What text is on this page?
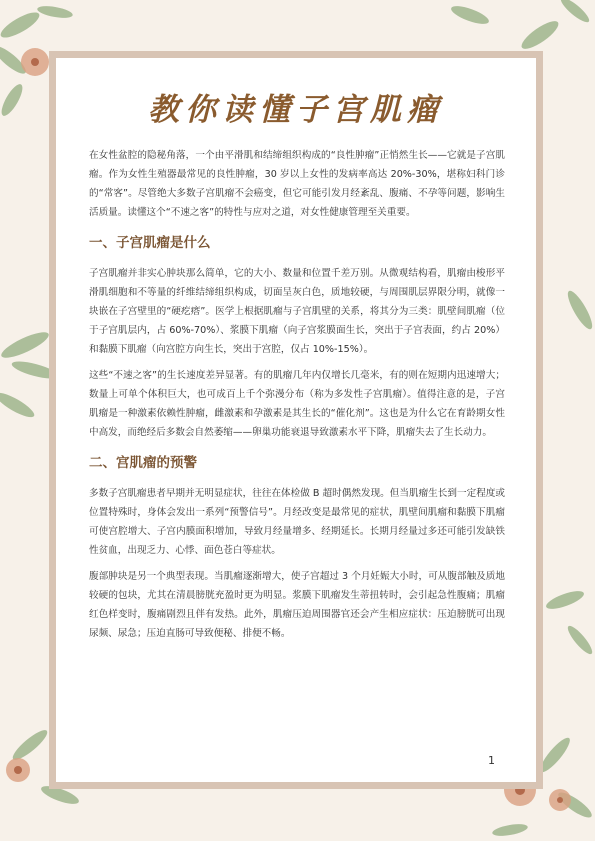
教你读懂子宫肌瘤

在女性盆腔的隐秘角落，一个由平滑肌和结缔组织构成的“良性肿瘤”正悄然生长——它就是子宫肌瘤。作为女性生殖器最常见的良性肿瘤，30 岁以上女性的发病率高达 20%-30%，堪称妇科门诊的“常客”。尽管绝大多数子宫肌瘤不会癌变，但它可能引发月经紊乱、腹痛、不孕等问题，影响生活质量。读懂这个“不速之客”的特性与应对之道，对女性健康管理至关重要。

一、子宫肌瘤是什么

子宫肌瘤并非实心肿块那么简单，它的大小、数量和位置千差万别。从微观结构看，肌瘤由梭形平滑肌细胞和不等量的纤维结缔组织构成，切面呈灰白色，质地较硬，与周围肌层界限分明，就像一块嵌在子宫壁里的“硬疙瘩”。医学上根据肌瘤与子宫肌壁的关系，将其分为三类：肌壁间肌瘤（位于子宫肌层内，占 60%-70%）、浆膜下肌瘤（向子宫浆膜面生长，突出于子宫表面，约占 20%）和黏膜下肌瘤（向宫腔方向生长，突出于宫腔，仅占 10%-15%）。

这些“不速之客”的生长速度差异显著。有的肌瘤几年内仅增长几毫米，有的则在短期内迅速增大；数量上可单个体积巨大，也可成百上千个弥漫分布（称为多发性子宫肌瘤）。值得注意的是，子宫肌瘤是一种激素依赖性肿瘤，雌激素和孕激素是其生长的“催化剂”。这也是为什么它在育龄期女性中高发，而绝经后多数会自然萎缩——卵巢功能衰退导致激素水平下降，肌瘤失去了生长动力。

二、宫肌瘤的预警

多数子宫肌瘤患者早期并无明显症状，往往在体检做 B 超时偶然发现。但当肌瘤生长到一定程度或位置特殊时，身体会发出一系列“预警信号”。月经改变是最常见的症状，肌壁间肌瘤和黏膜下肌瘤可使宫腔增大、子宫内膜面积增加，导致月经量增多、经期延长。长期月经量过多还可能引发缺铁性贫血，出现乏力、心悸、面色苍白等症状。

腹部肿块是另一个典型表现。当肌瘤逐渐增大，使子宫超过 3 个月妊娠大小时，可从腹部触及质地较硬的包块，尤其在清晨膀胱充盈时更为明显。浆膜下肌瘤发生蒂扭转时，会引起急性腹痛；肌瘤红色样变时，腹痛剧烈且伴有发热。此外，肌瘤压迫周围器官还会产生相应症状：压迫膀胱可出现尿频、尿急；压迫直肠可导致便秘、排便不畅。

1
